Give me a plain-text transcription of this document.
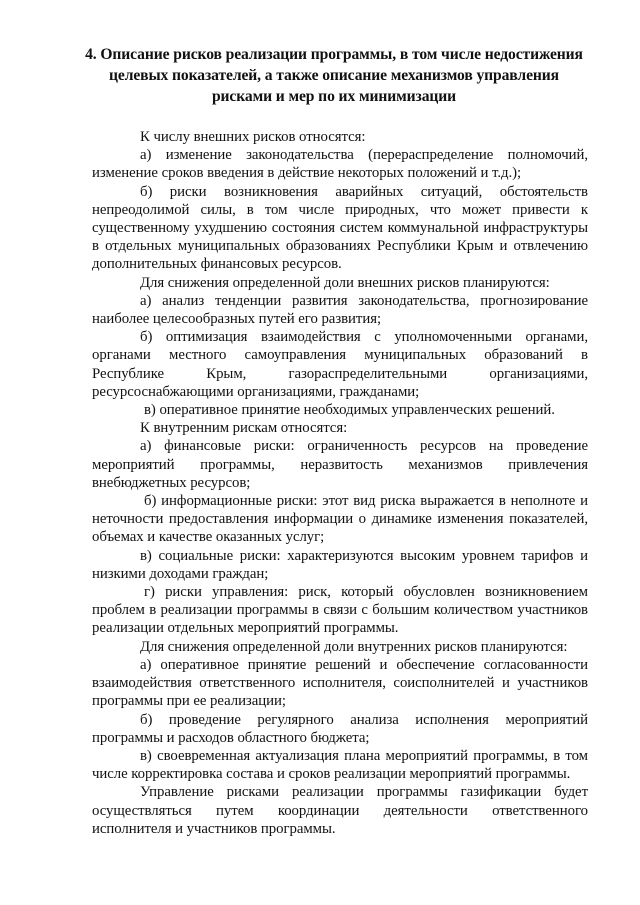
4. Описание рисков реализации программы, в том числе недостижения целевых показателей, а также описание механизмов управления рисками и мер по их минимизации

К числу внешних рисков относятся:

а) изменение законодательства (перераспределение полномочий, изменение сроков введения в действие некоторых положений и т.д.);

б) риски возникновения аварийных ситуаций, обстоятельств непреодолимой силы, в том числе природных, что может привести к существенному ухудшению состояния систем коммунальной инфраструктуры в отдельных муниципальных образованиях Республики Крым и отвлечению дополнительных финансовых ресурсов.

Для снижения определенной доли внешних рисков планируются:

а) анализ тенденции развития законодательства, прогнозирование наиболее целесообразных путей его развития;

б) оптимизация взаимодействия с уполномоченными органами, органами местного самоуправления муниципальных образований в Республике Крым, газораспределительными организациями, ресурсоснабжающими организациями, гражданами;

в) оперативное принятие необходимых управленческих решений.

К внутренним рискам относятся:

а) финансовые риски: ограниченность ресурсов на проведение мероприятий программы, неразвитость механизмов привлечения внебюджетных ресурсов;

б) информационные риски: этот вид риска выражается в неполноте и неточности предоставления информации о динамике изменения показателей, объемах и качестве оказанных услуг;

в) социальные риски: характеризуются высоким уровнем тарифов и низкими доходами граждан;

г) риски управления: риск, который обусловлен возникновением проблем в реализации программы в связи с большим количеством участников реализации отдельных мероприятий программы.

Для снижения определенной доли внутренних рисков планируются:

а) оперативное принятие решений и обеспечение согласованности взаимодействия ответственного исполнителя, соисполнителей и участников программы при ее реализации;

б) проведение регулярного анализа исполнения мероприятий программы и расходов областного бюджета;

в) своевременная актуализация плана мероприятий программы, в том числе корректировка состава и сроков реализации мероприятий программы.

Управление рисками реализации программы газификации будет осуществляться путем координации деятельности ответственного исполнителя и участников программы.
